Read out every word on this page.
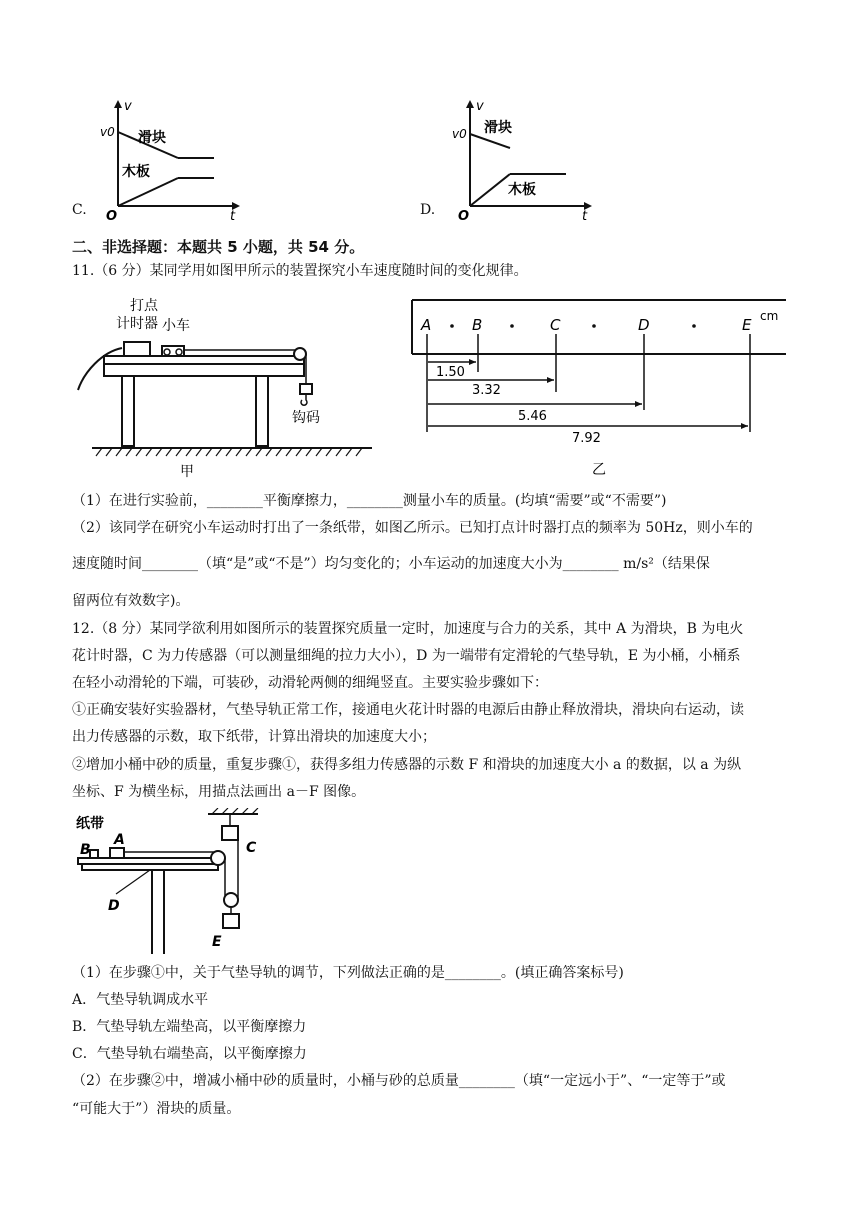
C.
v
v0 滑块
木板
O	t	D.
v
v0 滑块
木板
O	t
二、非选择题：本题共 5 小题，共 54 分。
11.（6 分）某同学用如图甲所示的装置探究小车速度随时间的变化规律。
打点
计时器 小车
钩码
甲
A	B	C	D	E cm
1.50
3.32
5.46
7.92
乙
（1）在进行实验前，________平衡摩擦力，________测量小车的质量。(均填“需要”或“不需要”)
（2）该同学在研究小车运动时打出了一条纸带，如图乙所示。已知打点计时器打点的频率为 50Hz，则小车的
速度随时间________（填“是”或“不是”）均匀变化的；小车运动的加速度大小为________ m/s²（结果保
留两位有效数字)。
12.（8 分）某同学欲利用如图所示的装置探究质量一定时，加速度与合力的关系，其中 A 为滑块，B 为电火
花计时器，C 为力传感器（可以测量细绳的拉力大小），D 为一端带有定滑轮的气垫导轨，E 为小桶，小桶系
在轻小动滑轮的下端，可装砂，动滑轮两侧的细绳竖直。主要实验步骤如下：
①正确安装好实验器材，气垫导轨正常工作，接通电火花计时器的电源后由静止释放滑块，滑块向右运动，读
出力传感器的示数，取下纸带，计算出滑块的加速度大小；
②增加小桶中砂的质量，重复步骤①，获得多组力传感器的示数 F 和滑块的加速度大小 a 的数据，以 a 为纵
坐标、F 为横坐标，用描点法画出 a－F 图像。
纸带
B
A	C
D
E
（1）在步骤①中，关于气垫导轨的调节，下列做法正确的是________。(填正确答案标号)
A．气垫导轨调成水平
B．气垫导轨左端垫高，以平衡摩擦力
C．气垫导轨右端垫高，以平衡摩擦力
（2）在步骤②中，增减小桶中砂的质量时，小桶与砂的总质量________（填“一定远小于”、“一定等于”或
“可能大于”）滑块的质量。
